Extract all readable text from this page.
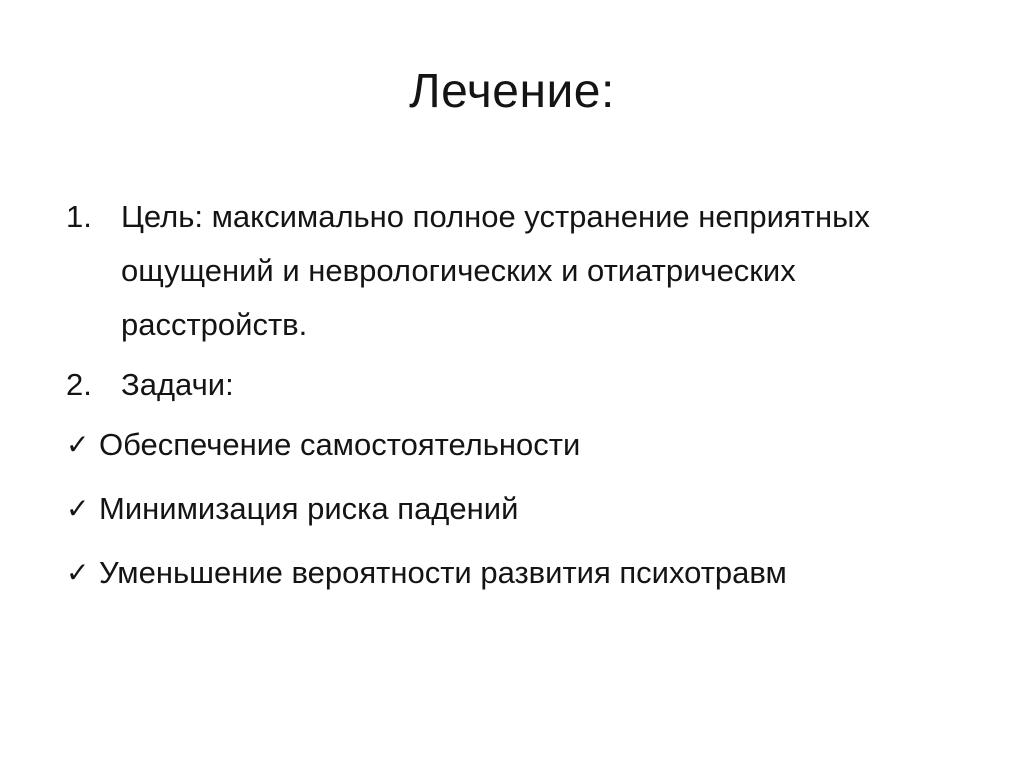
Лечение:
1. Цель: максимально полное устранение неприятных ощущений и неврологических и отиатрических расстройств.
2. Задачи:
✓ Обеспечение самостоятельности
✓ Минимизация риска падений
✓ Уменьшение вероятности развития психотравм
